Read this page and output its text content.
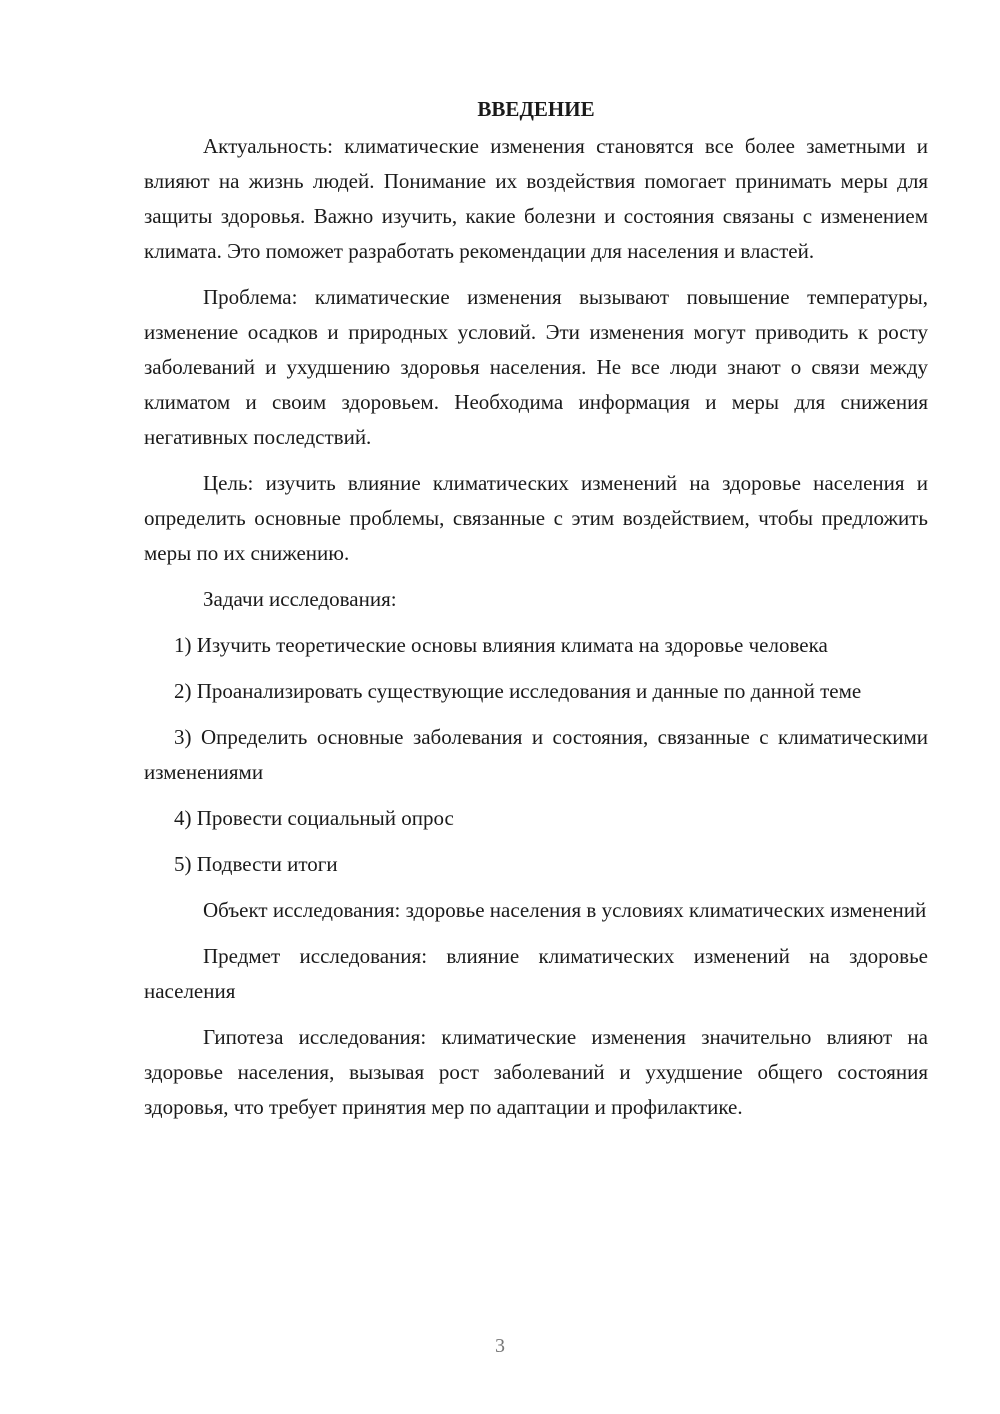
ВВЕДЕНИЕ

Актуальность: климатические изменения становятся все более заметными и влияют на жизнь людей. Понимание их воздействия помогает принимать меры для защиты здоровья. Важно изучить, какие болезни и состояния связаны с изменением климата. Это поможет разработать рекомендации для населения и властей.

Проблема: климатические изменения вызывают повышение температуры, изменение осадков и природных условий. Эти изменения могут приводить к росту заболеваний и ухудшению здоровья населения. Не все люди знают о связи между климатом и своим здоровьем. Необходима информация и меры для снижения негативных последствий.

Цель: изучить влияние климатических изменений на здоровье населения и определить основные проблемы, связанные с этим воздействием, чтобы предложить меры по их снижению.

Задачи исследования:

1) Изучить теоретические основы влияния климата на здоровье человека

2) Проанализировать существующие исследования и данные по данной теме

3) Определить основные заболевания и состояния, связанные с климатическими изменениями

4) Провести социальный опрос

5) Подвести итоги

Объект исследования: здоровье населения в условиях климатических изменений

Предмет исследования: влияние климатических изменений на здоровье населения

Гипотеза исследования: климатические изменения значительно влияют на здоровье населения, вызывая рост заболеваний и ухудшение общего состояния здоровья, что требует принятия мер по адаптации и профилактике.

3
